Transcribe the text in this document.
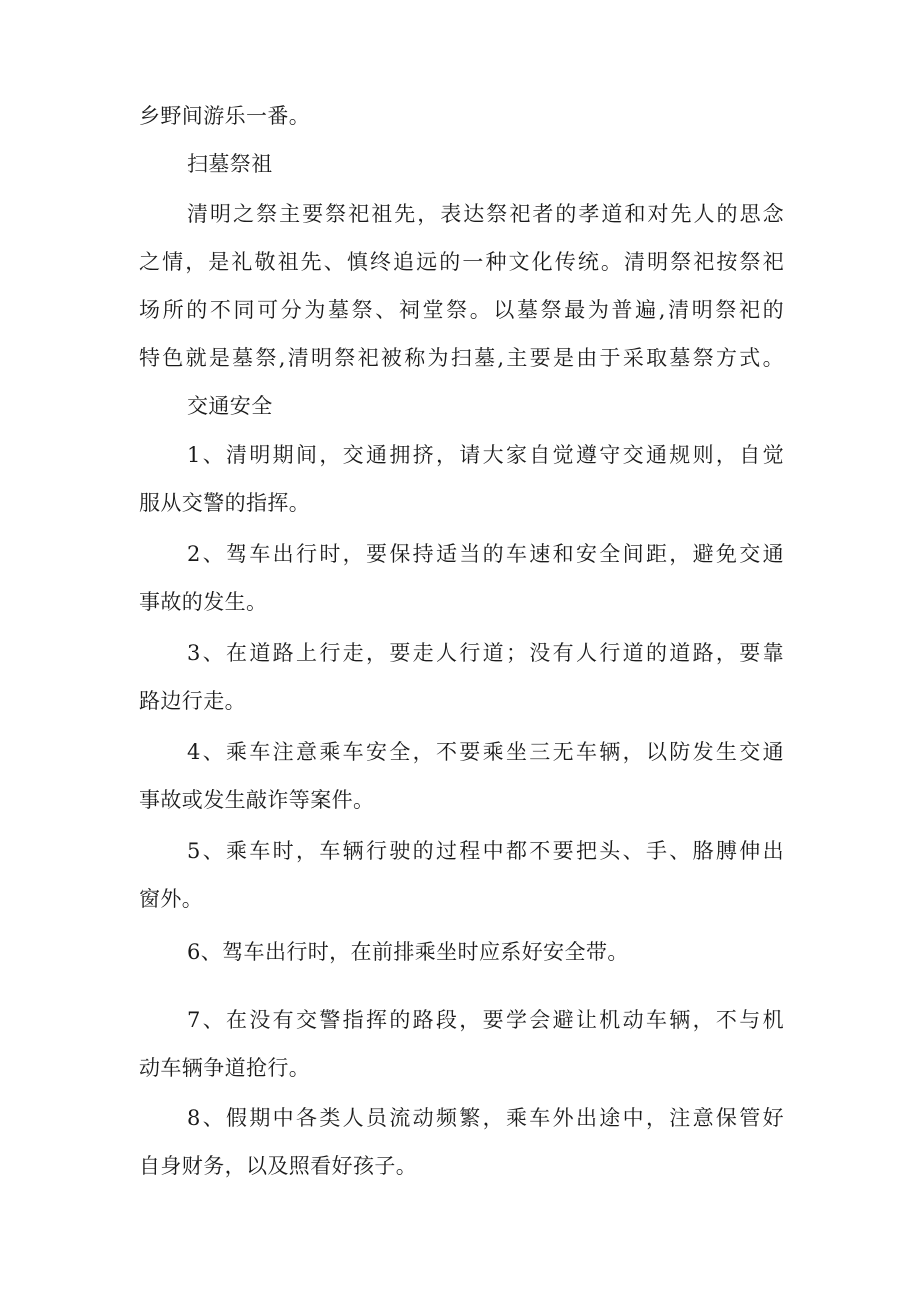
乡野间游乐一番。
扫墓祭祖
清明之祭主要祭祀祖先，表达祭祀者的孝道和对先人的思念
之情，是礼敬祖先、慎终追远的一种文化传统。清明祭祀按祭祀
场所的不同可分为墓祭、祠堂祭。以墓祭最为普遍,清明祭祀的
特色就是墓祭,清明祭祀被称为扫墓,主要是由于采取墓祭方式。
交通安全
1、清明期间，交通拥挤，请大家自觉遵守交通规则，自觉
服从交警的指挥。
2、驾车出行时，要保持适当的车速和安全间距，避免交通
事故的发生。
3、在道路上行走，要走人行道；没有人行道的道路，要靠
路边行走。
4、乘车注意乘车安全，不要乘坐三无车辆，以防发生交通
事故或发生敲诈等案件。
5、乘车时，车辆行驶的过程中都不要把头、手、胳膊伸出
窗外。
6、驾车出行时，在前排乘坐时应系好安全带。
7、在没有交警指挥的路段，要学会避让机动车辆，不与机
动车辆争道抢行。
8、假期中各类人员流动频繁，乘车外出途中，注意保管好
自身财务，以及照看好孩子。
